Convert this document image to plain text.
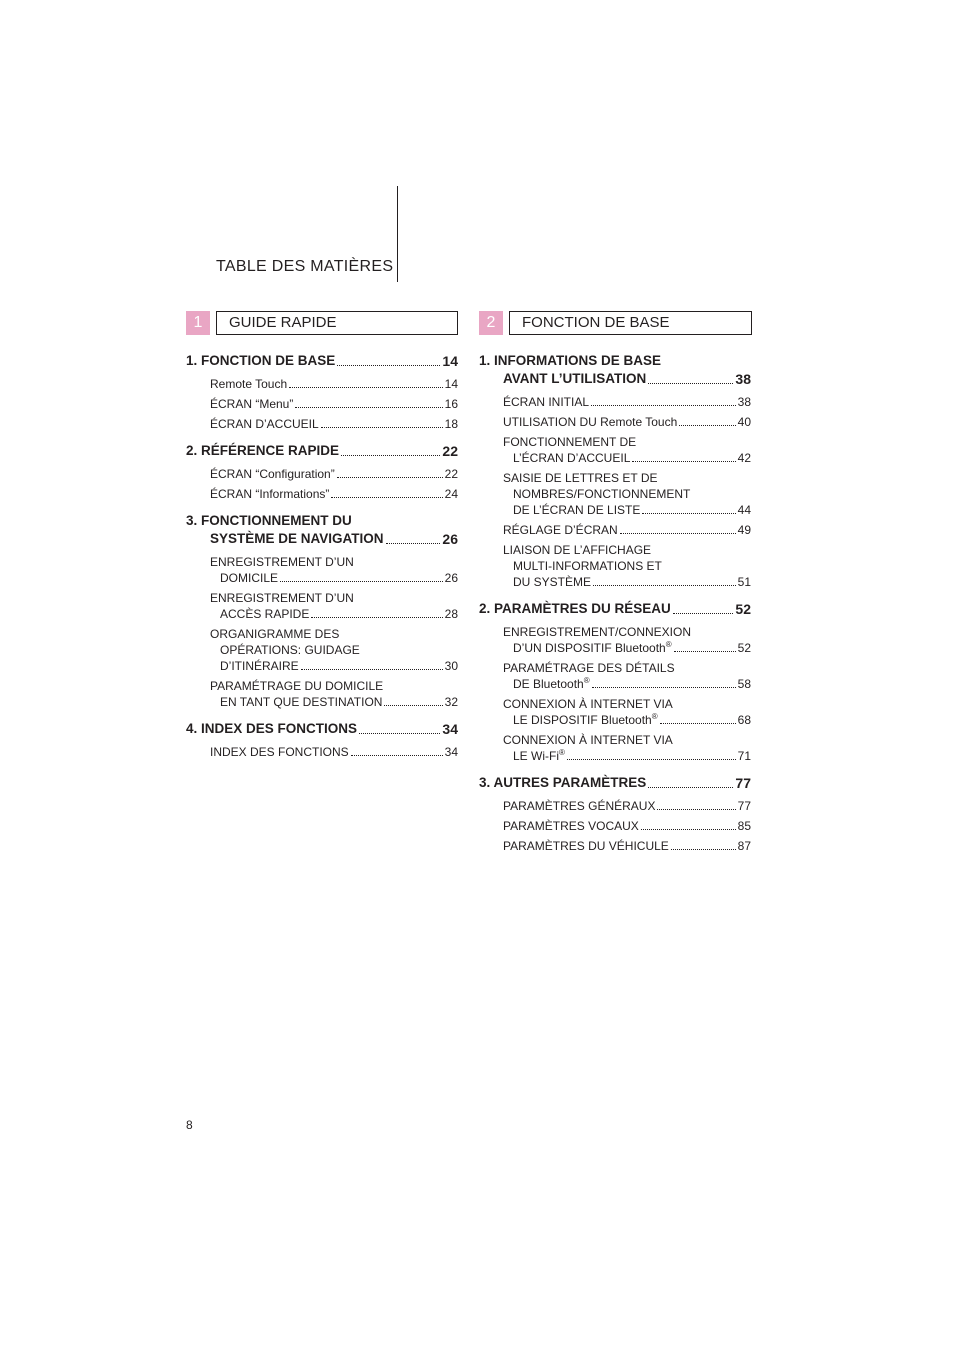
TABLE DES MATIÈRES
1	GUIDE RAPIDE
1. FONCTION DE BASE	14
Remote Touch	14
ÉCRAN “Menu”	16
ÉCRAN D’ACCUEIL	18
2. RÉFÉRENCE RAPIDE	22
ÉCRAN “Configuration”	22
ÉCRAN “Informations”	24
3. FONCTIONNEMENT DU
SYSTÈME DE NAVIGATION	26
ENREGISTREMENT D’UN
DOMICILE	26
ENREGISTREMENT D’UN
ACCÈS RAPIDE	28
ORGANIGRAMME DES
OPÉRATIONS: GUIDAGE
D’ITINÉRAIRE	30
PARAMÉTRAGE DU DOMICILE
EN TANT QUE DESTINATION	32
4. INDEX DES FONCTIONS	34
INDEX DES FONCTIONS	34
2	FONCTION DE BASE
1. INFORMATIONS DE BASE
AVANT L’UTILISATION	38
ÉCRAN INITIAL	38
UTILISATION DU Remote Touch	40
FONCTIONNEMENT DE
L’ÉCRAN D’ACCUEIL	42
SAISIE DE LETTRES ET DE
NOMBRES/FONCTIONNEMENT
DE L’ÉCRAN DE LISTE	44
RÉGLAGE D’ÉCRAN	49
LIAISON DE L’AFFICHAGE
MULTI-INFORMATIONS ET
DU SYSTÈME	51
2. PARAMÈTRES DU RÉSEAU	52
ENREGISTREMENT/CONNEXION
D’UN DISPOSITIF Bluetooth®	52
PARAMÉTRAGE DES DÉTAILS
DE Bluetooth®	58
CONNEXION À INTERNET VIA
LE DISPOSITIF Bluetooth®	68
CONNEXION À INTERNET VIA
LE Wi-Fi®	71
3. AUTRES PARAMÈTRES	77
PARAMÈTRES GÉNÉRAUX	77
PARAMÈTRES VOCAUX	85
PARAMÈTRES DU VÉHICULE	87
8
